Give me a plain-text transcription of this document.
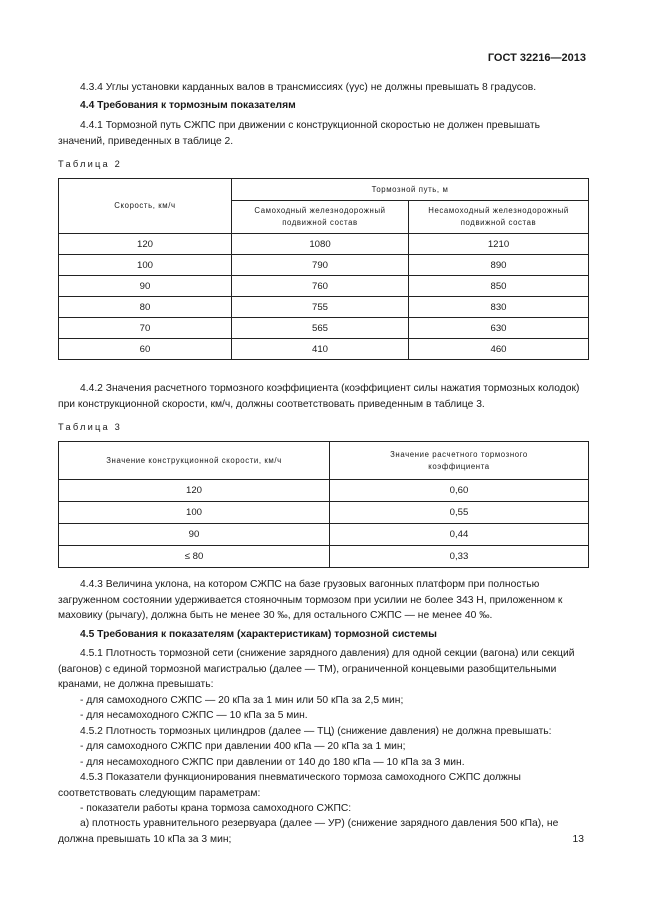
ГОСТ 32216—2013

4.3.4 Углы установки карданных валов в трансмиссиях (γус) не должны превышать 8 градусов.

4.4 Требования к тормозным показателям

4.4.1 Тормозной путь СЖПС при движении с конструкционной скоростью не должен превышать значений, приведенных в таблице 2.

Таблица 2
Скорость, км/ч	Тормозной путь, м	
	Самоходный железнодорожный подвижной состав	Несамоходный железнодорожный подвижной состав
120	1080	1210
100	790	890
90	760	850
80	755	830
70	565	630
60	410	460

4.4.2 Значения расчетного тормозного коэффициента (коэффициент силы нажатия тормозных колодок) при конструкционной скорости, км/ч, должны соответствовать приведенным в таблице 3.

Таблица 3
Значение конструкционной скорости, км/ч	Значение расчетного тормозного коэффициента
120	0,60
100	0,55
90	0,44
≤ 80	0,33

4.4.3 Величина уклона, на котором СЖПС на базе грузовых вагонных платформ при полностью загруженном состоянии удерживается стояночным тормозом при усилии не более 343 Н, приложенном к маховику (рычагу), должна быть не менее 30 ‰, для остального СЖПС — не менее 40 ‰.

4.5 Требования к показателям (характеристикам) тормозной системы

4.5.1 Плотность тормозной сети (снижение зарядного давления) для одной секции (вагона) или секций (вагонов) с единой тормозной магистралью (далее — ТМ), ограниченной концевыми разобщительными кранами, не должна превышать:

- для самоходного СЖПС — 20 кПа за 1 мин или 50 кПа за 2,5 мин;

- для несамоходного СЖПС — 10 кПа за 5 мин.

4.5.2 Плотность тормозных цилиндров (далее — ТЦ) (снижение давления) не должна превышать:

- для самоходного СЖПС при давлении 400 кПа — 20 кПа за 1 мин;

- для несамоходного СЖПС при давлении от 140 до 180 кПа — 10 кПа за 3 мин.

4.5.3 Показатели функционирования пневматического тормоза самоходного СЖПС должны соответствовать следующим параметрам:

- показатели работы крана тормоза самоходного СЖПС:

а) плотность уравнительного резервуара (далее — УР) (снижение зарядного давления 500 кПа), не должна превышать 10 кПа за 3 мин;	13
